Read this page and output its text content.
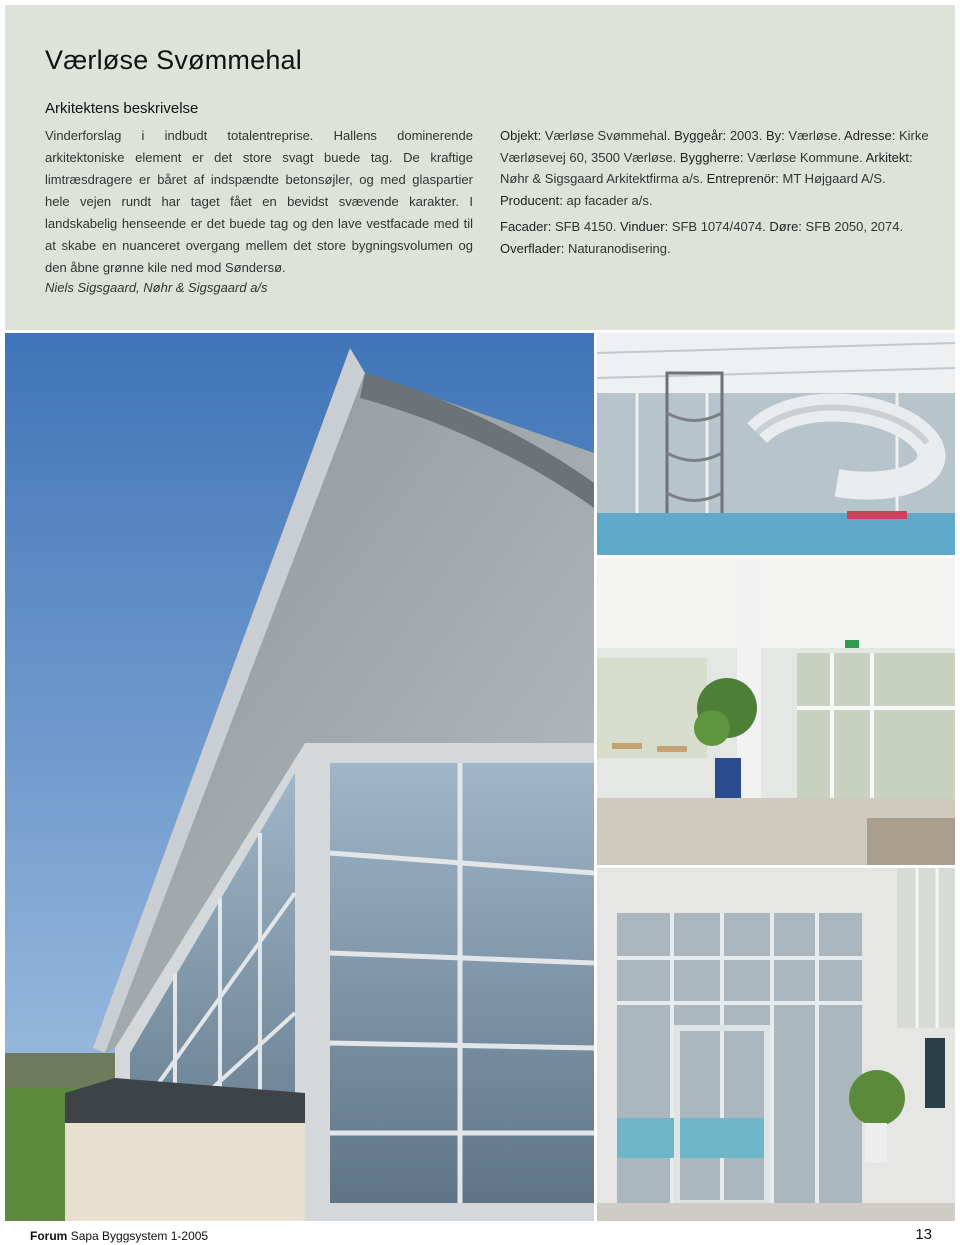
Værløse Svømmehal
Arkitektens beskrivelse

Vinderforslag i indbudt totalentreprise. Hallens dominerende arkitektoniske element er det store svagt buede tag. De kraftige limtræsdragere er båret af indspændte betonsøjler, og med glaspartier hele vejen rundt har taget fået en bevidst svævende karakter. I landskabelig henseende er det buede tag og den lave vestfacade med til at skabe en nuanceret overgang mellem det store bygningsvolumen og den åbne grønne kile ned mod Søndersø.

Niels Sigsgaard, Nøhr & Sigsgaard a/s

Objekt: Værløse Svømmehal. Byggeår: 2003. By: Værløse. Adresse: Kirke Værløsevej 60, 3500 Værløse. Byggherre: Værløse Kommune. Arkitekt: Nøhr & Sigsgaard Arkitektfirma a/s. Entreprenör: MT Højgaard A/S. Producent: ap facader a/s.

Facader: SFB 4150. Vinduer: SFB 1074/4074. Døre: SFB 2050, 2074. Overflader: Naturanodisering.

Forum Sapa Byggsystem 1-2005	13
